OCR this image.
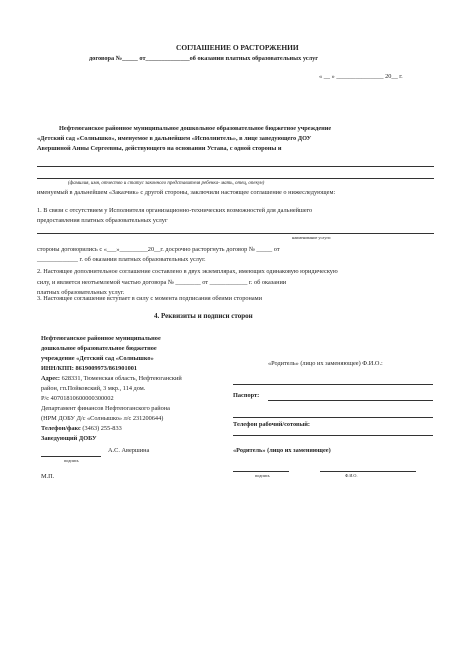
СОГЛАШЕНИЕ О РАСТОРЖЕНИИ
договора №_____ от______________об оказании платных образовательных услуг
« __ » _______________ 20__ г.
Нефтеюганское районное муниципальное дошкольное образовательное бюджетное учреждение
«Детский сад «Солнышко», именуемое в дальнейшем «Исполнитель», в лице заведующего ДОУ
Авершиной Анны Сергеевны, действующего на основании Устава, с одной стороны и
(фамилия, имя, отчество и статус законного представителя ребенка- мать, отец, опекун)
именуемый в дальнейшем «Заказчик» с другой стороны, заключили настоящее соглашение о нижеследующем:
1. В связи с отсутствием у Исполнителя организационно-технических возможностей для дальнейшего
предоставления платных образовательных услуг
наименование услуги
стороны договорились с «___»_________20__г. досрочно расторгнуть договор № _____ от
_____________ г. об оказании платных образовательных услуг.
2. Настоящее дополнительное соглашение составлено в двух экземплярах, имеющих одинаковую юридическую
силу, и является неотъемлемой частью договора № ________ от ____________ г. об оказании
платных образовательных услуг.
3. Настоящее соглашение вступает в силу с момента подписания обеими сторонами
4. Реквизиты и подписи сторон
Нефтеюганское районное муниципальное
дошкольное образовательное бюджетное
учреждение «Детский сад «Солнышко»
ИНН/КПП: 8619009973/861901001
Адрес: 628331, Тюменская область, Нефтеюганский
район, гп.Пойковский, 3 мкр., 114 дом.
Р/с 40701810600000300002
Департамент финансов Нефтеюганского района
(НРМ ДОБУ Д/с «Солнышко» л/с 231200644)
Телефон/факс (3463) 255-833
Заведующий ДОБУ
А.С. Авершина
подпись
М.П.
«Родитель» (лицо их заменяющее) Ф.И.О.:
Паспорт:
Телефон рабочий/сотовый:
«Родитель» (лицо их заменяющее)
подпись	Ф.И.О.
